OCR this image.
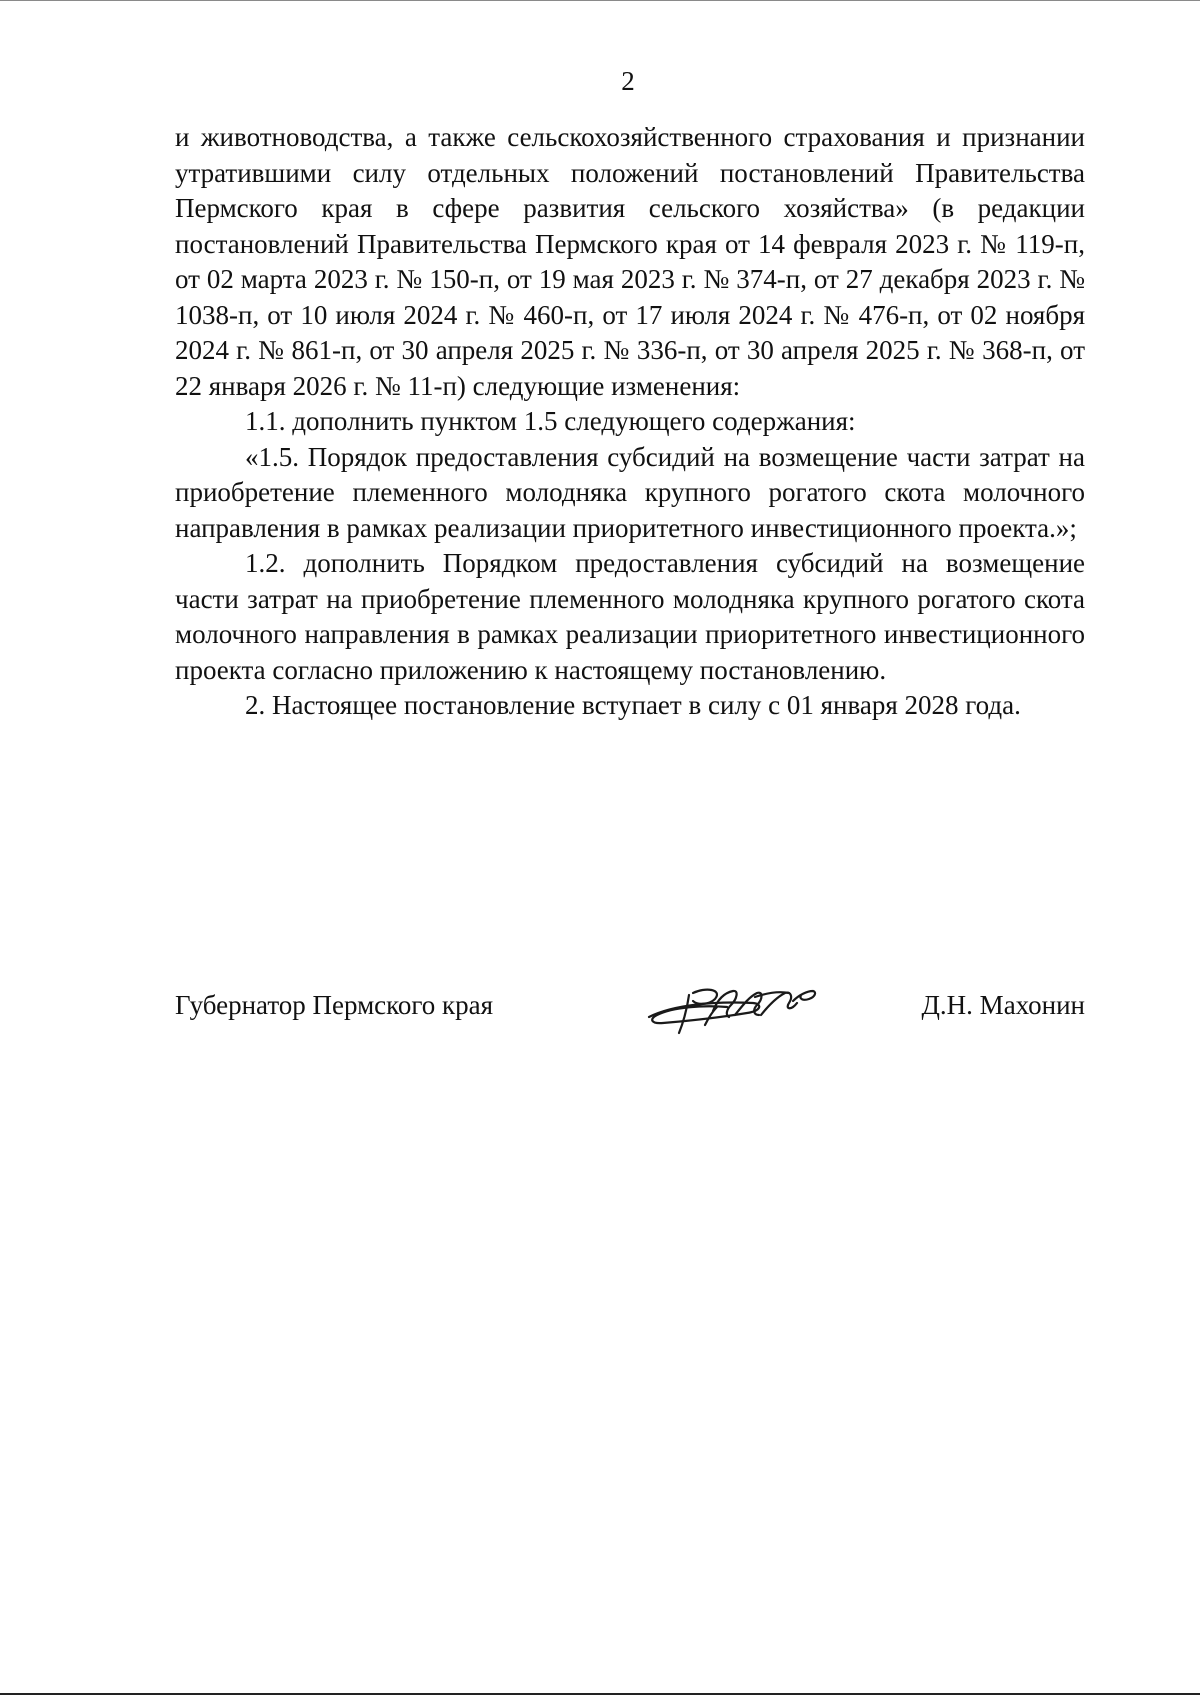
2

и животноводства, а также сельскохозяйственного страхования и признании утратившими силу отдельных положений постановлений Правительства Пермского края в сфере развития сельского хозяйства» (в редакции постановлений Правительства Пермского края от 14 февраля 2023 г. № 119-п, от 02 марта 2023 г. № 150-п, от 19 мая 2023 г. № 374-п, от 27 декабря 2023 г. № 1038-п, от 10 июля 2024 г. № 460-п, от 17 июля 2024 г. № 476-п, от 02 ноября 2024 г. № 861-п, от 30 апреля 2025 г. № 336-п, от 30 апреля 2025 г. № 368-п, от 22 января 2026 г. № 11-п) следующие изменения:

1.1. дополнить пунктом 1.5 следующего содержания:

«1.5. Порядок предоставления субсидий на возмещение части затрат на приобретение племенного молодняка крупного рогатого скота молочного направления в рамках реализации приоритетного инвестиционного проекта.»;

1.2. дополнить Порядком предоставления субсидий на возмещение части затрат на приобретение племенного молодняка крупного рогатого скота молочного направления в рамках реализации приоритетного инвестиционного проекта согласно приложению к настоящему постановлению.

2. Настоящее постановление вступает в силу с 01 января 2028 года.

Губернатор Пермского края	Д.Н. Махонин
